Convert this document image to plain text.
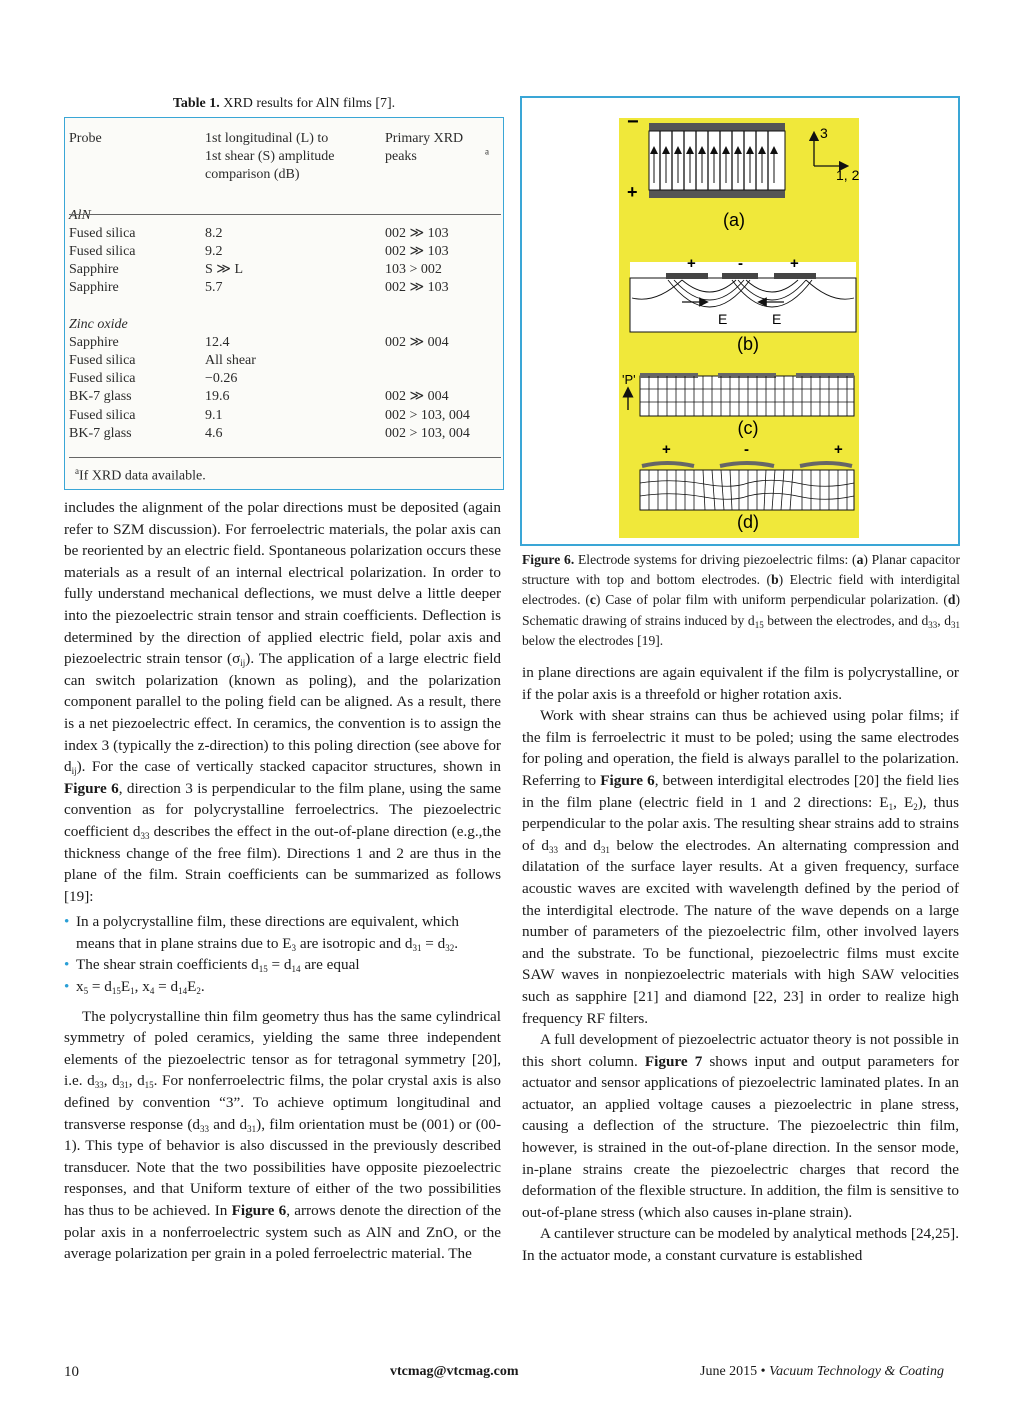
Table 1. XRD results for AlN films [7].
Probe	1st longitudinal (L) to 1st shear (S) amplitude comparison (dB)	Primary XRD peaks $^a$

AlN		
Fused silica	8.2	002 ≫ 103
Fused silica	9.2	002 ≫ 103
Sapphire	S ≫ L	103 > 002
Sapphire	5.7	002 ≫ 103

Zinc oxide		
Sapphire	12.4	002 ≫ 004
Fused silica	All shear	
Fused silica	−0.26	
BK-7 glass	19.6	002 ≫ 004
Fused silica	9.1	002 > 103, 004
BK-7 glass	4.6	002 > 103, 004
$^a$If XRD data available.
−
+
3
1, 2
(a)
+	-	+
E	E
(b)
'P'
(c)
+	-	+
(d)
Figure 6. Electrode systems for driving piezoelectric films: (a) Planar capacitor structure with top and bottom electrodes. (b) Electric field with interdigital electrodes. (c) Case of polar film with uniform perpendicular polarization. (d) Schematic drawing of strains induced by $d_{15}$ between the electrodes, and $d_{33}$, $d_{31}$ below the electrodes [19].

includes the alignment of the polar directions must be deposited (again refer to SZM discussion). For ferroelectric materials, the polar axis can be reoriented by an electric field. Spontaneous polarization occurs these materials as a result of an internal electrical polarization. In order to fully understand mechanical deflections, we must delve a little deeper into the piezoelectric strain tensor and strain coefficients. Deflection is determined by the direction of applied electric field, polar axis and piezoelectric strain tensor $(\sigma_{ij})$. The application of a large electric field can switch polarization (known as poling), and the polarization component parallel to the poling field can be aligned. As a result, there is a net piezoelectric effect. In ceramics, the convention is to assign the index 3 (typically the z-direction) to this poling direction (see above for $d_{ij}$). For the case of vertically stacked capacitor structures, shown in Figure 6, direction 3 is perpendicular to the film plane, using the same convention as for polycrystalline ferroelectrics. The piezoelectric coefficient $d_{33}$ describes the effect in the out-of-plane direction (e.g.,the thickness change of the free film). Directions 1 and 2 are thus in the plane of the film. Strain coefficients can be summarized as follows [19]:

• In a polycrystalline film, these directions are equivalent, which means that in plane strains due to $E_3$ are isotropic and $d_{31} = d_{32}$.
• The shear strain coefficients $d_{15} = d_{14}$ are equal
• $x_5 = d_{15}E_1$, $x_4 = d_{14}E_2$.

The polycrystalline thin film geometry thus has the same cylindrical symmetry of poled ceramics, yielding the same three independent elements of the piezoelectric tensor as for tetragonal symmetry [20], i.e. $d_{33}$, $d_{31}$, $d_{15}$. For nonferroelectric films, the polar crystal axis is also defined by convention “3”. To achieve optimum longitudinal and transverse response ($d_{33}$ and $d_{31}$), film orientation must be (001) or (00-1). This type of behavior is also discussed in the previously described transducer. Note that the two possibilities have opposite piezoelectric responses, and that Uniform texture of either of the two possibilities has thus to be achieved. In Figure 6, arrows denote the direction of the polar axis in a nonferroelectric system such as AlN and ZnO, or the average polarization per grain in a poled ferroelectric material. The

in plane directions are again equivalent if the film is polycrystalline, or if the polar axis is a threefold or higher rotation axis.

Work with shear strains can thus be achieved using polar films; if the film is ferroelectric it must to be poled; using the same electrodes for poling and operation, the field is always parallel to the polarization. Referring to Figure 6, between interdigital electrodes [20] the field lies in the film plane (electric field in 1 and 2 directions: $E_1$, $E_2$), thus perpendicular to the polar axis. The resulting shear strains add to strains of $d_{33}$ and $d_{31}$ below the electrodes. An alternating compression and dilatation of the surface layer results. At a given frequency, surface acoustic waves are excited with wavelength defined by the period of the interdigital electrode. The nature of the wave depends on a large number of parameters of the piezoelectric film, other involved layers and the substrate. To be functional, piezoelectric films must excite SAW waves in nonpiezoelectric materials with high SAW velocities such as sapphire [21] and diamond [22, 23] in order to realize high frequency RF filters.

A full development of piezoelectric actuator theory is not possible in this short column. Figure 7 shows input and output parameters for actuator and sensor applications of piezoelectric laminated plates. In an actuator, an applied voltage causes a piezoelectric in plane stress, causing a deflection of the structure. The piezoelectric thin film, however, is strained in the out-of-plane direction. In the sensor mode, in-plane strains create the piezoelectric charges that record the deformation of the flexible structure. In addition, the film is sensitive to out-of-plane stress (which also causes in-plane strain).

A cantilever structure can be modeled by analytical methods [24,25]. In the actuator mode, a constant curvature is established

10	vtcmag@vtcmag.com	June 2015 • Vacuum Technology & Coating
